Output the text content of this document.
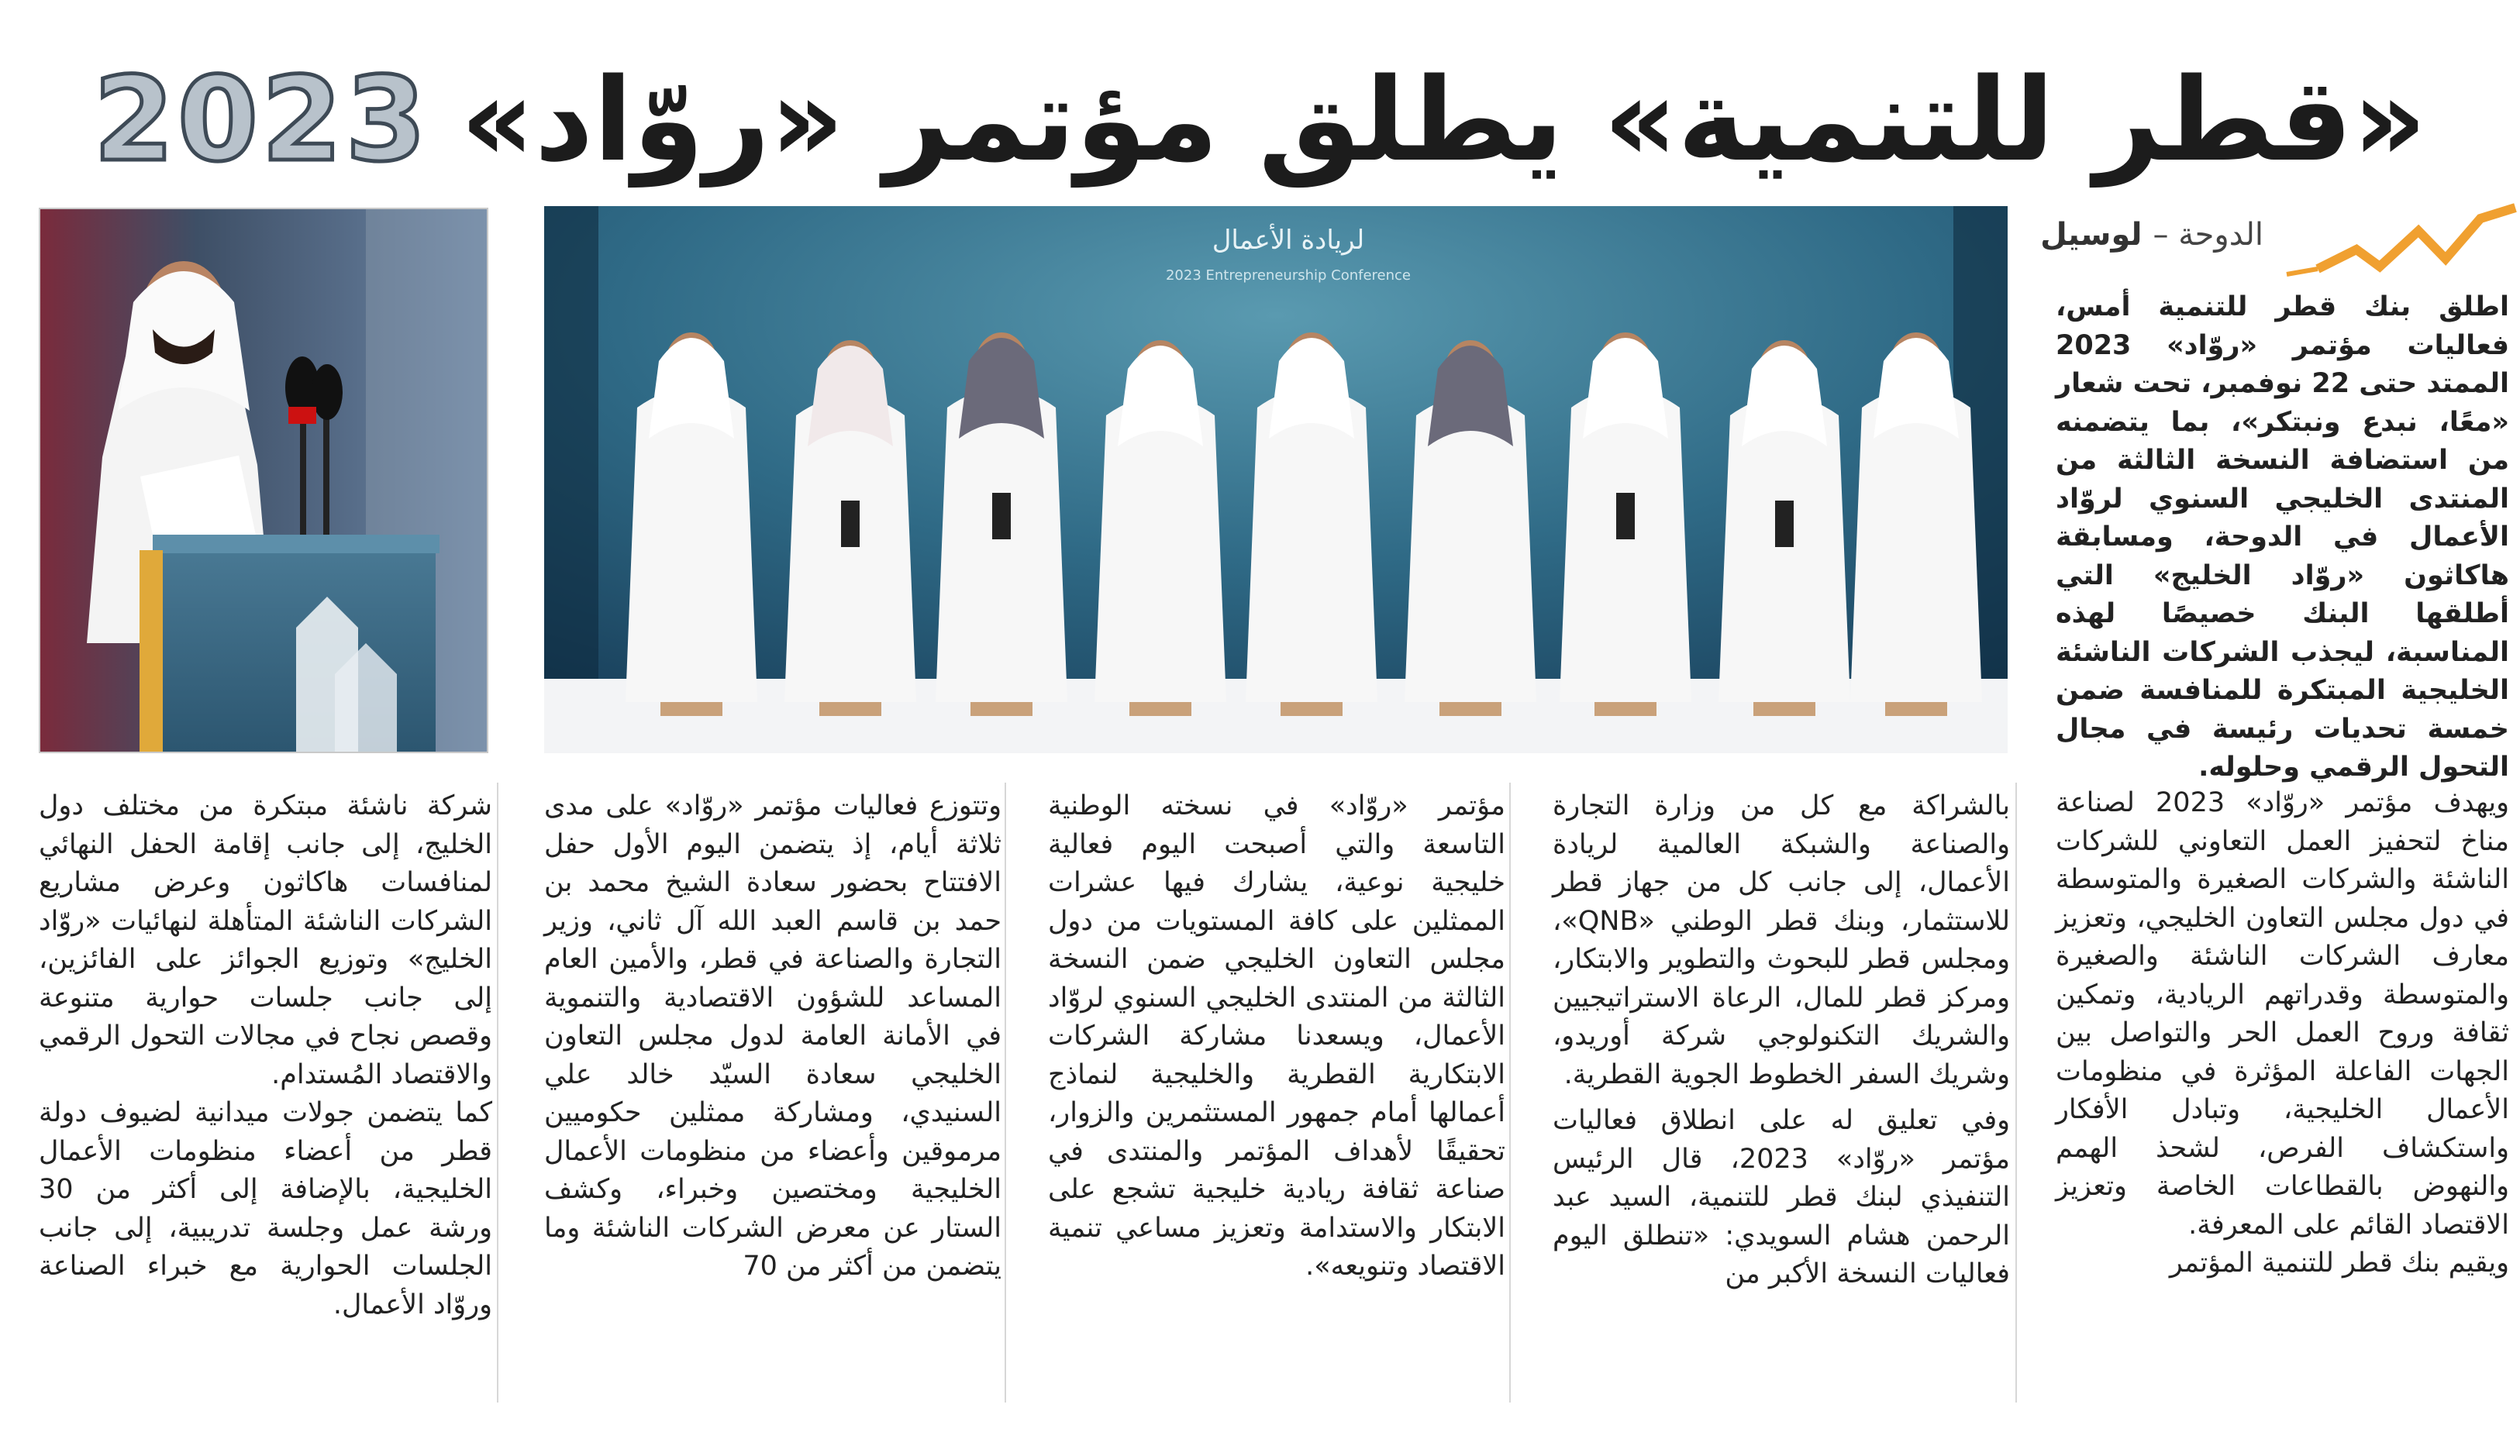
«قطر للتنمية» يطلق مؤتمر «روّاد»
2023
الدوحة – لوسيل
لريادة الأعمال
2023 Entrepreneurship Conference

اطلق بنك قطر للتنمية أمس، فعاليات مؤتمر «روّاد» 2023 الممتد حتى 22 نوفمبر، تحت شعار «معًا، نبدع ونبتكر»، بما يتضمنه من استضافة النسخة الثالثة من المنتدى الخليجي السنوي لروّاد الأعمال في الدوحة، ومسابقة هاكاثون «روّاد الخليج» التي أطلقها البنك خصيصًا لهذه المناسبة، ليجذب الشركات الناشئة الخليجية المبتكرة للمنافسة ضمن خمسة تحديات رئيسة في مجال التحول الرقمي وحلوله.

ويهدف مؤتمر «روّاد» 2023 لصناعة مناخ لتحفيز العمل التعاوني للشركات الناشئة والشركات الصغيرة والمتوسطة في دول مجلس التعاون الخليجي، وتعزيز معارف الشركات الناشئة والصغيرة والمتوسطة وقدراتهم الريادية، وتمكين ثقافة وروح العمل الحر والتواصل بين الجهات الفاعلة المؤثرة في منظومات الأعمال الخليجية، وتبادل الأفكار واستكشاف الفرص، لشحذ الهمم والنهوض بالقطاعات الخاصة وتعزيز الاقتصاد القائم على المعرفة.

ويقيم بنك قطر للتنمية المؤتمر

بالشراكة مع كل من وزارة التجارة والصناعة والشبكة العالمية لريادة الأعمال، إلى جانب كل من جهاز قطر للاستثمار، وبنك قطر الوطني «QNB»، ومجلس قطر للبحوث والتطوير والابتكار، ومركز قطر للمال، الرعاة الاستراتيجيين والشريك التكنولوجي شركة أوريدو، وشريك السفر الخطوط الجوية القطرية.

وفي تعليق له على انطلاق فعاليات مؤتمر «روّاد» 2023، قال الرئيس التنفيذي لبنك قطر للتنمية، السيد عبد الرحمن هشام السويدي: «تنطلق اليوم فعاليات النسخة الأكبر من

مؤتمر «روّاد» في نسخته الوطنية التاسعة والتي أصبحت اليوم فعالية خليجية نوعية، يشارك فيها عشرات الممثلين على كافة المستويات من دول مجلس التعاون الخليجي ضمن النسخة الثالثة من المنتدى الخليجي السنوي لروّاد الأعمال، ويسعدنا مشاركة الشركات الابتكارية القطرية والخليجية لنماذج أعمالها أمام جمهور المستثمرين والزوار، تحقيقًا لأهداف المؤتمر والمنتدى في صناعة ثقافة ريادية خليجية تشجع على الابتكار والاستدامة وتعزيز مساعي تنمية الاقتصاد وتنويعه».

وتتوزع فعاليات مؤتمر «روّاد» على مدى ثلاثة أيام، إذ يتضمن اليوم الأول حفل الافتتاح بحضور سعادة الشيخ محمد بن حمد بن قاسم العبد الله آل ثاني، وزير التجارة والصناعة في قطر، والأمين العام المساعد للشؤون الاقتصادية والتنموية في الأمانة العامة لدول مجلس التعاون الخليجي سعادة السيّد خالد علي السنيدي، ومشاركة ممثلين حكوميين مرموقين وأعضاء من منظومات الأعمال الخليجية ومختصين وخبراء، وكشف الستار عن معرض الشركات الناشئة وما يتضمن من أكثر من 70

شركة ناشئة مبتكرة من مختلف دول الخليج، إلى جانب إقامة الحفل النهائي لمنافسات هاكاثون وعرض مشاريع الشركات الناشئة المتأهلة لنهائيات «روّاد الخليج» وتوزيع الجوائز على الفائزين، إلى جانب جلسات حوارية متنوعة وقصص نجاح في مجالات التحول الرقمي والاقتصاد المُستدام.

كما يتضمن جولات ميدانية لضيوف دولة قطر من أعضاء منظومات الأعمال الخليجية، بالإضافة إلى أكثر من 30 ورشة عمل وجلسة تدريبية، إلى جانب الجلسات الحوارية مع خبراء الصناعة وروّاد الأعمال.
